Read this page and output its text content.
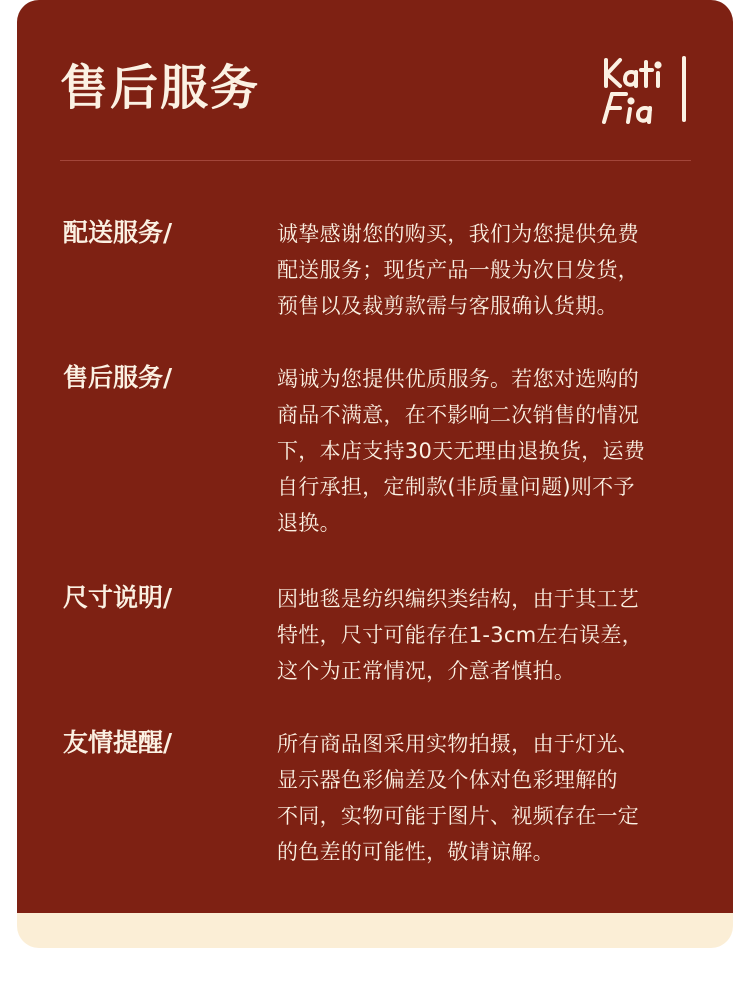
售后服务
配送服务/	诚挚感谢您的购买，我们为您提供免费
配送服务；现货产品一般为次日发货，
预售以及裁剪款需与客服确认货期。
售后服务/	竭诚为您提供优质服务。若您对选购的
商品不满意，在不影响二次销售的情况
下，本店支持30天无理由退换货，运费
自行承担，定制款(非质量问题)则不予
退换。
尺寸说明/	因地毯是纺织编织类结构，由于其工艺
特性，尺寸可能存在1-3cm左右误差，
这个为正常情况，介意者慎拍。
友情提醒/	所有商品图采用实物拍摄，由于灯光、
显示器色彩偏差及个体对色彩理解的
不同，实物可能于图片、视频存在一定
的色差的可能性，敬请谅解。
